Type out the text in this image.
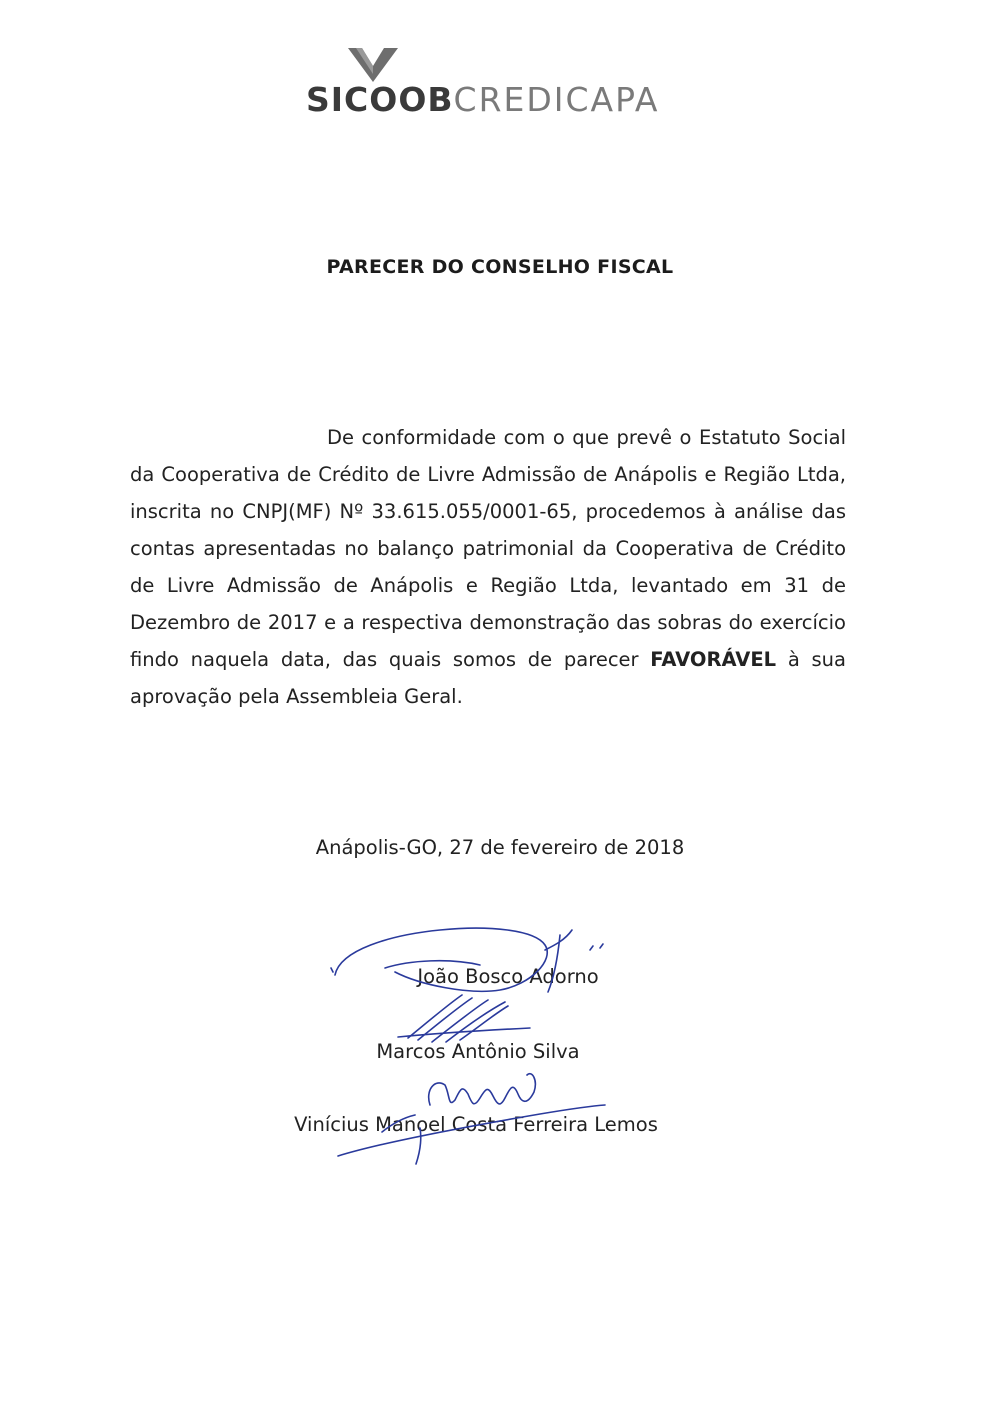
SICOOBCREDICAPA
PARECER DO CONSELHO FISCAL
De conformidade com o que prevê o Estatuto Social da Cooperativa de Crédito de Livre Admissão de Anápolis e Região Ltda, inscrita no CNPJ(MF) Nº 33.615.055/0001-65, procedemos à análise das contas apresentadas no balanço patrimonial da Cooperativa de Crédito de Livre Admissão de Anápolis e Região Ltda, levantado em 31 de Dezembro de 2017 e a respectiva demonstração das sobras do exercício findo naquela data, das quais somos de parecer FAVORÁVEL à sua aprovação pela Assembleia Geral.
Anápolis-GO, 27 de fevereiro de 2018
João Bosco Adorno
Marcos Antônio Silva
Vinícius Manoel Costa Ferreira Lemos
